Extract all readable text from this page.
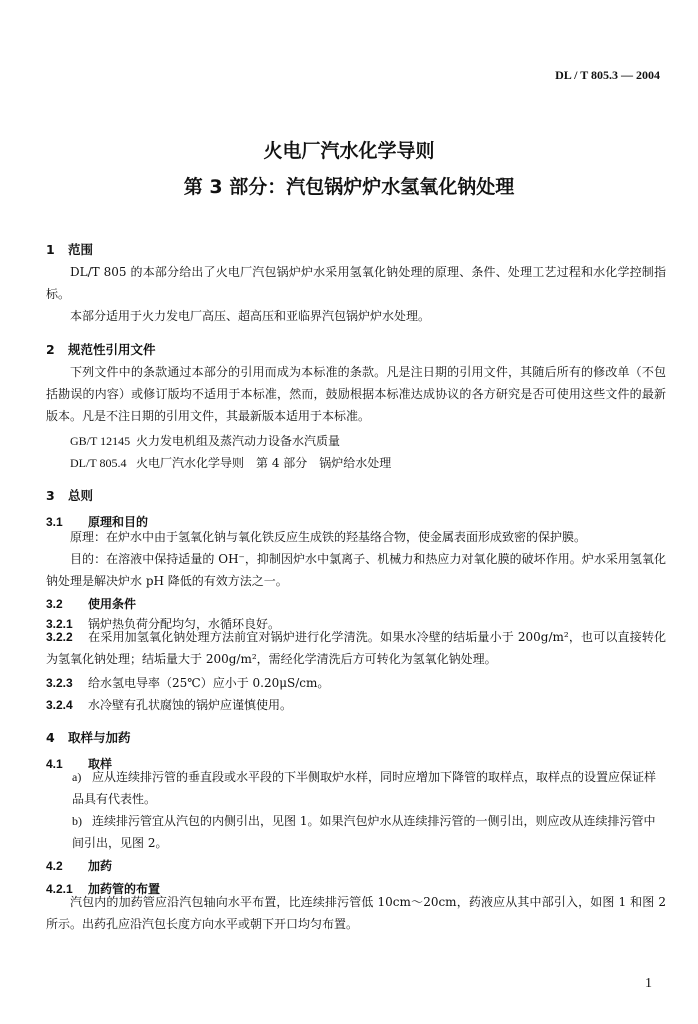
DL / T 805.3 — 2004
火电厂汽水化学导则
第 3 部分：汽包锅炉炉水氢氧化钠处理
1 范围
DL/T 805 的本部分给出了火电厂汽包锅炉炉水采用氢氧化钠处理的原理、条件、处理工艺过程和水化学控制指标。
本部分适用于火力发电厂高压、超高压和亚临界汽包锅炉炉水处理。
2 规范性引用文件
下列文件中的条款通过本部分的引用而成为本标准的条款。凡是注日期的引用文件，其随后所有的修改单（不包括勘误的内容）或修订版均不适用于本标准，然而，鼓励根据本标准达成协议的各方研究是否可使用这些文件的最新版本。凡是不注日期的引用文件，其最新版本适用于本标准。
GB/T 12145 火力发电机组及蒸汽动力设备水汽质量
DL/T 805.4 火电厂汽水化学导则　第 4 部分　锅炉给水处理
3 总则
3.1 原理和目的
原理：在炉水中由于氢氧化钠与氧化铁反应生成铁的羟基络合物，使金属表面形成致密的保护膜。
目的：在溶液中保持适量的 OH⁻，抑制因炉水中氯离子、机械力和热应力对氧化膜的破坏作用。炉水采用氢氧化钠处理是解决炉水 pH 降低的有效方法之一。
3.2 使用条件
3.2.1 锅炉热负荷分配均匀，水循环良好。
3.2.2 在采用加氢氧化钠处理方法前宜对锅炉进行化学清洗。如果水冷壁的结垢量小于 200g/m²，也可以直接转化为氢氧化钠处理；结垢量大于 200g/m²，需经化学清洗后方可转化为氢氧化钠处理。
3.2.3 给水氢电导率（25℃）应小于 0.20μS/cm。
3.2.4 水冷壁有孔状腐蚀的锅炉应谨慎使用。
4 取样与加药
4.1 取样
a) 应从连续排污管的垂直段或水平段的下半侧取炉水样，同时应增加下降管的取样点，取样点的设置应保证样品具有代表性。
b) 连续排污管宜从汽包的内侧引出，见图 1。如果汽包炉水从连续排污管的一侧引出，则应改从连续排污管中间引出，见图 2。
4.2 加药
4.2.1 加药管的布置
汽包内的加药管应沿汽包轴向水平布置，比连续排污管低 10cm～20cm，药液应从其中部引入，如图 1 和图 2 所示。出药孔应沿汽包长度方向水平或朝下开口均匀布置。
1
